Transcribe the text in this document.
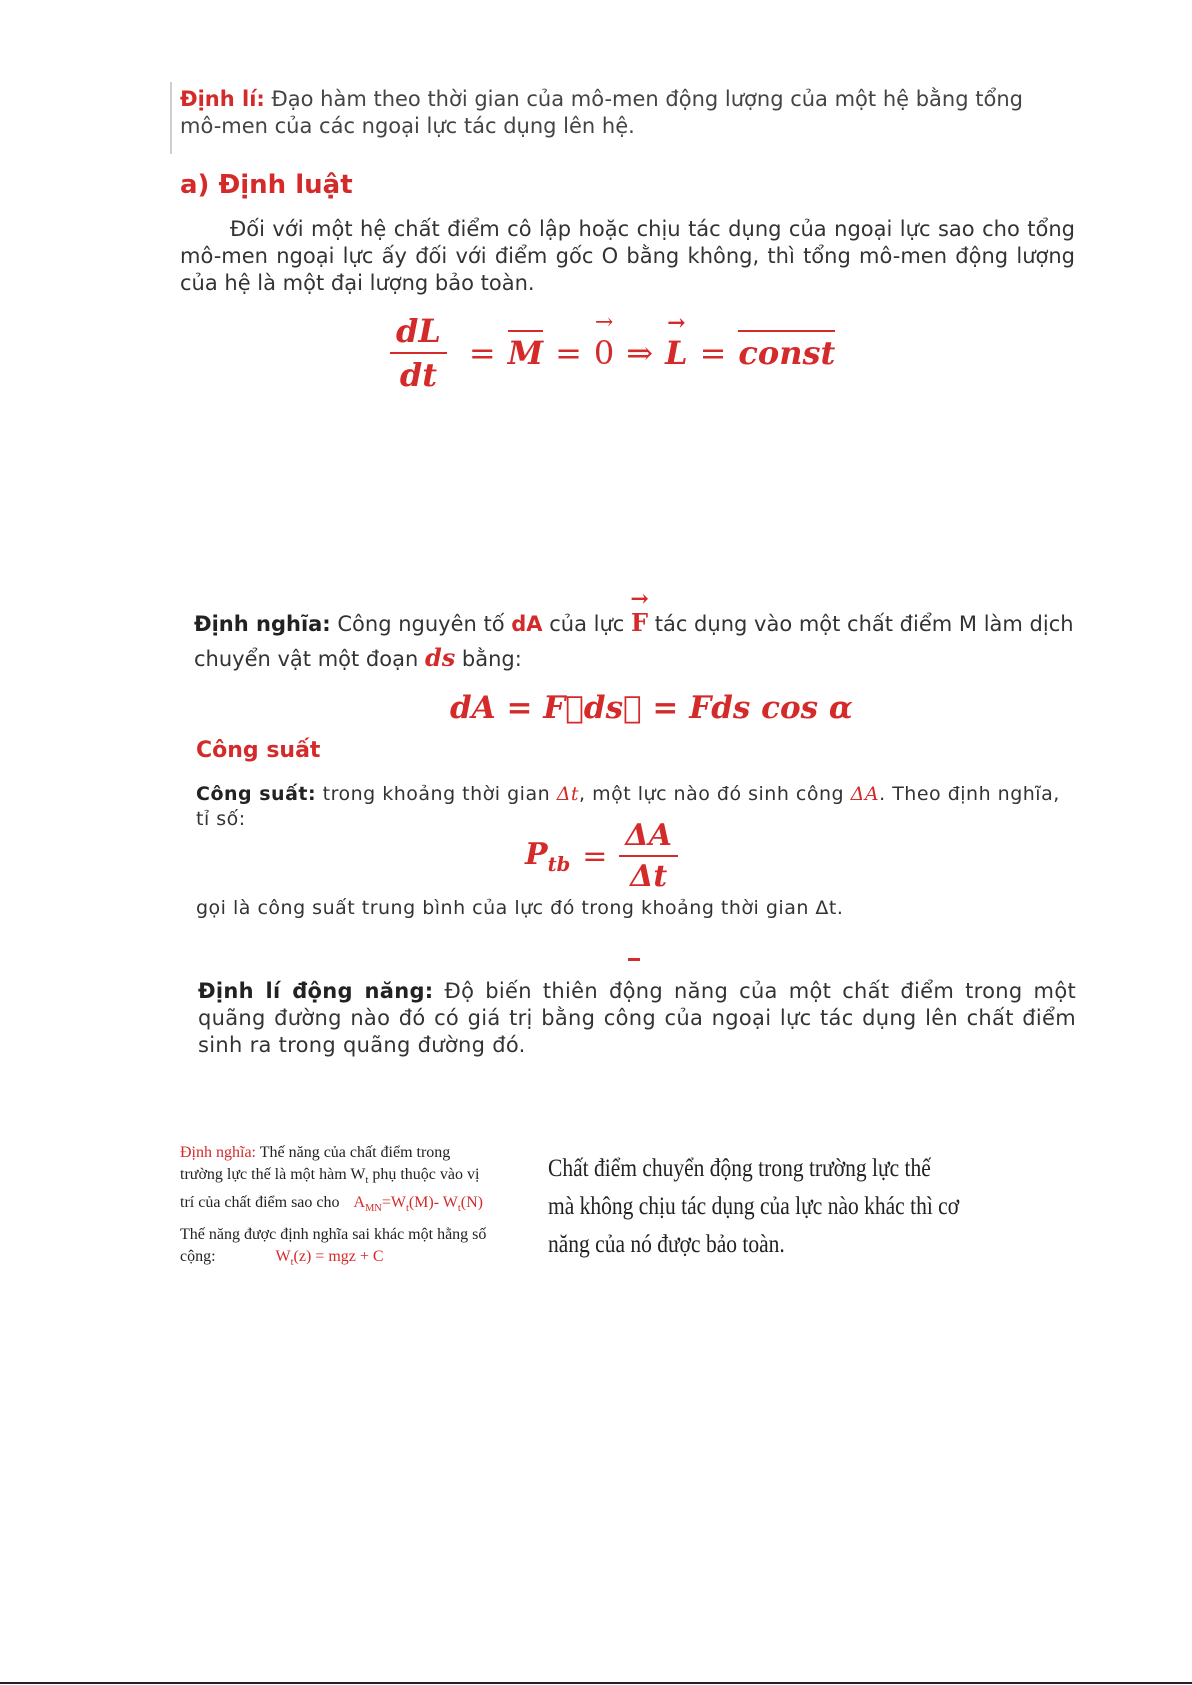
Định lí: Đạo hàm theo thời gian của mô-men động lượng của một hệ bằng tổng mô-men của các ngoại lực tác dụng lên hệ.
a) Định luật
Đối với một hệ chất điểm cô lập hoặc chịu tác dụng của ngoại lực sao cho tổng mô-men ngoại lực ấy đối với điểm gốc O bằng không, thì tổng mô-men động lượng của hệ là một đại lượng bảo toàn.
$\frac{dL}{dt} = M$ = → 0 ⇒ → L = const
Định nghĩa: Công nguyên tố dA của lực → F tác dụng vào một chất điểm M làm dịch chuyển vật một đoạn ds bằng:
dA = F⃗ds⃗ = Fds cos α
Công suất
Công suất: trong khoảng thời gian Δt, một lực nào đó sinh công ΔA. Theo định nghĩa, tỉ số:
$P_{tb} = \frac{\Delta A}{\Delta t}$
gọi là công suất trung bình của lực đó trong khoảng thời gian Δt.
Định lí động năng: Độ biến thiên động năng của một chất điểm trong một quãng đường nào đó có giá trị bằng công của ngoại lực tác dụng lên chất điểm sinh ra trong quãng đường đó.
Định nghĩa: Thế năng của chất điểm trong
trường lực thế là một hàm $W_t$ phụ thuộc vào vị
trí của chất điểm sao cho $A_{MN}=W_t(M)-$ $W_t(N)$
Thế năng được định nghĩa sai khác một hằng số
cộng:	$W_t(z)$ = mgz + C
Chất điểm chuyển động trong trường lực thế mà không chịu tác dụng của lực nào khác thì cơ năng của nó được bảo toàn.
